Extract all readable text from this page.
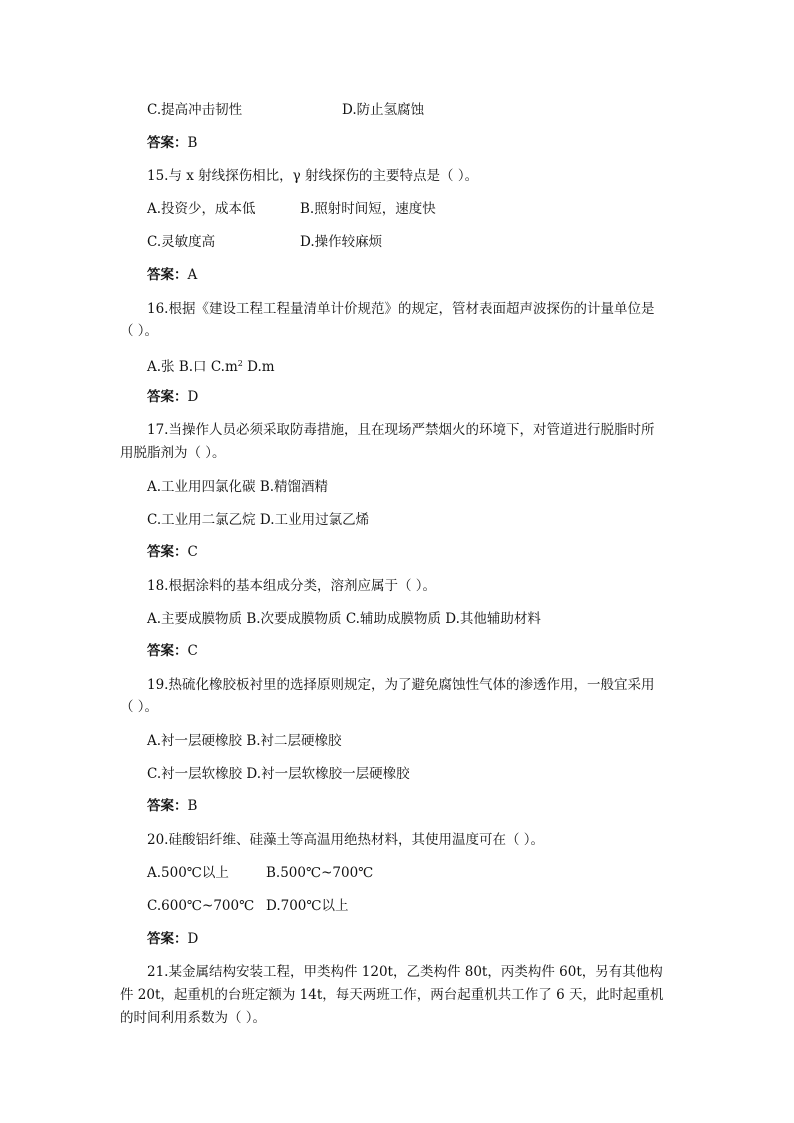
C.提高冲击韧性	D.防止氢腐蚀
答案：B
15.与 x 射线探伤相比，γ 射线探伤的主要特点是（ ）。
A.投资少，成本低	B.照射时间短，速度快
C.灵敏度高	D.操作较麻烦
答案：A
16.根据《建设工程工程量清单计价规范》的规定，管材表面超声波探伤的计量单位是
（ ）。
A.张 B.口 $C.m^2$ D.m
答案：D
17.当操作人员必须采取防毒措施，且在现场严禁烟火的环境下，对管道进行脱脂时所
用脱脂剂为（ ）。
A.工业用四氯化碳 B.精馏酒精
C.工业用二氯乙烷 D.工业用过氯乙烯
答案：C
18.根据涂料的基本组成分类，溶剂应属于（ ）。
A.主要成膜物质 B.次要成膜物质 C.辅助成膜物质 D.其他辅助材料
答案：C
19.热硫化橡胶板衬里的选择原则规定，为了避免腐蚀性气体的渗透作用，一般宜采用
（ ）。
A.衬一层硬橡胶 B.衬二层硬橡胶
C.衬一层软橡胶 D.衬一层软橡胶一层硬橡胶
答案：B
20.硅酸铝纤维、硅藻土等高温用绝热材料，其使用温度可在（ ）。
A.500℃以上	B.500℃~700℃
C.600℃~700℃ D.700℃以上
答案：D
21.某金属结构安装工程，甲类构件 120t，乙类构件 80t，丙类构件 60t，另有其他构
件 20t，起重机的台班定额为 14t，每天两班工作，两台起重机共工作了 6 天，此时起重机
的时间利用系数为（ ）。
